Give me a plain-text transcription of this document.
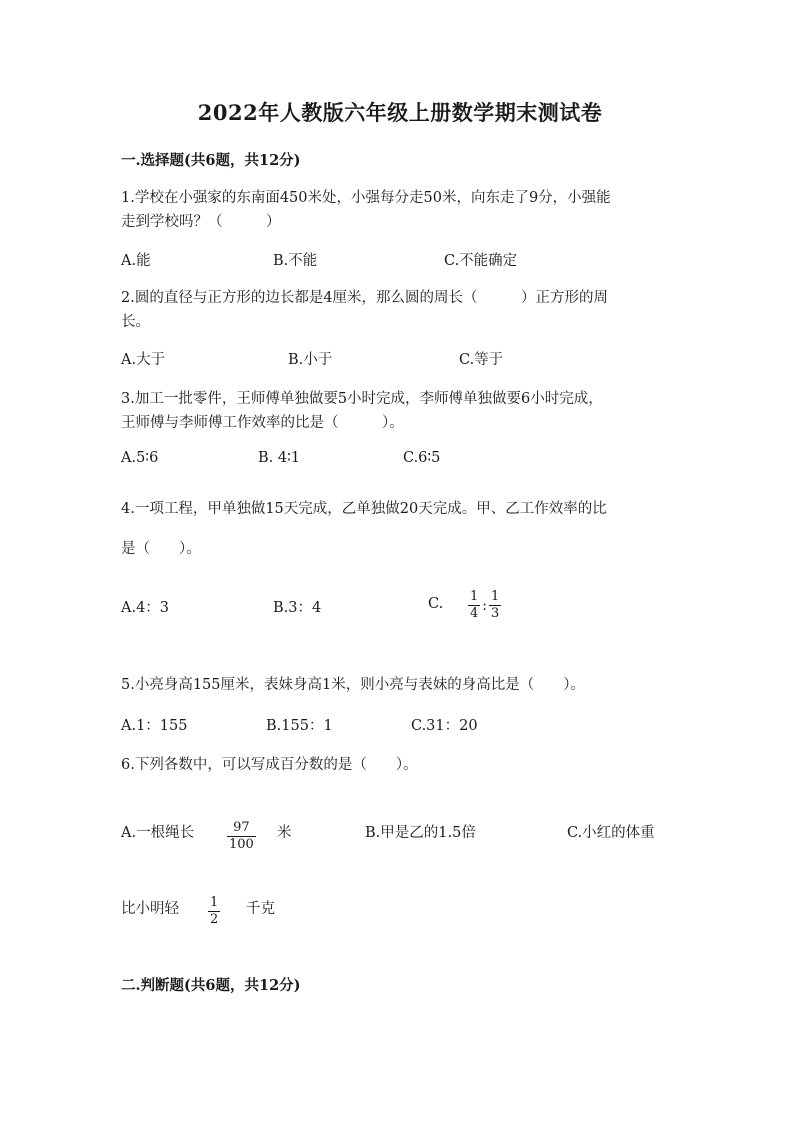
2022年人教版六年级上册数学期末测试卷
一.选择题(共6题，共12分)
1.学校在小强家的东南面450米处，小强每分走50米，向东走了9分，小强能
走到学校吗？（　　　）
A.能	B.不能	C.不能确定
2.圆的直径与正方形的边长都是4厘米，那么圆的周长（　　　）正方形的周
长。
A.大于	B.小于	C.等于
3.加工一批零件，王师傅单独做要5小时完成，李师傅单独做要6小时完成，
王师傅与李师傅工作效率的比是（　　　）。
A.5∶6	B. 4∶1	C.6∶5
4.一项工程，甲单独做15天完成，乙单独做20天完成。甲、乙工作效率的比
是（　　）。
A.4：3	B.3：4	C. $\frac{1}{4}$ : $\frac{1}{3}$
5.小亮身高155厘米，表妹身高1米，则小亮与表妹的身高比是（　　）。
A.1：155	B.155：1	C.31：20
6.下列各数中，可以写成百分数的是（　　）。
A.一根绳长	$\frac{97}{100}$ 米	B.甲是乙的1.5倍	C.小红的体重
比小明轻 $\frac{1}{2}$ 千克
二.判断题(共6题，共12分)
